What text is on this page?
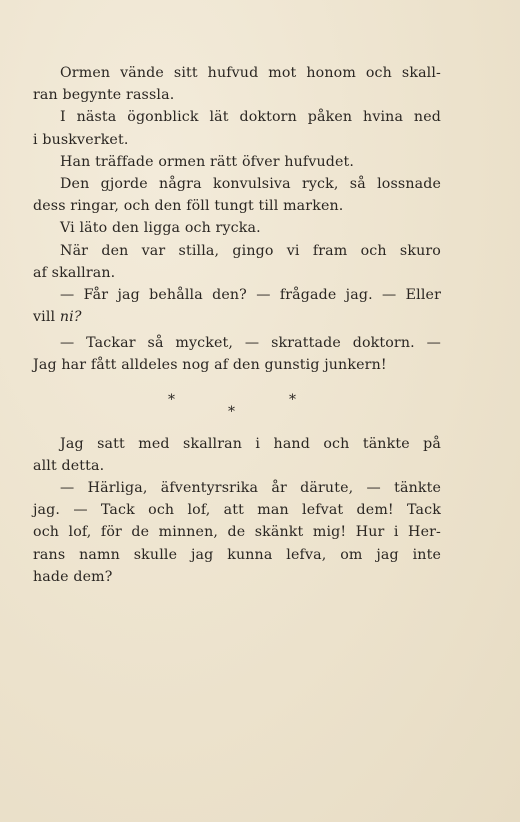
Ormen vände sitt hufvud mot honom och skall-
ran begynte rassla.
I nästa ögonblick lät doktorn påken hvina ned
i buskverket.
Han träffade ormen rätt öfver hufvudet.
Den gjorde några konvulsiva ryck, så lossnade
dess ringar, och den föll tungt till marken.
Vi läto den ligga och rycka.
När den var stilla, gingo vi fram och skuro
af skallran.
— Får jag behålla den? — frågade jag. — Eller
vill ni?
— Tackar så mycket, — skrattade doktorn. —
Jag har fått alldeles nog af den gunstig junkern!
*
*
*
Jag satt med skallran i hand och tänkte på
allt detta.
— Härliga, äfventyrsrika år därute, — tänkte
jag. — Tack och lof, att man lefvat dem! Tack
och lof, för de minnen, de skänkt mig! Hur i Her-
rans namn skulle jag kunna lefva, om jag inte
hade dem?
